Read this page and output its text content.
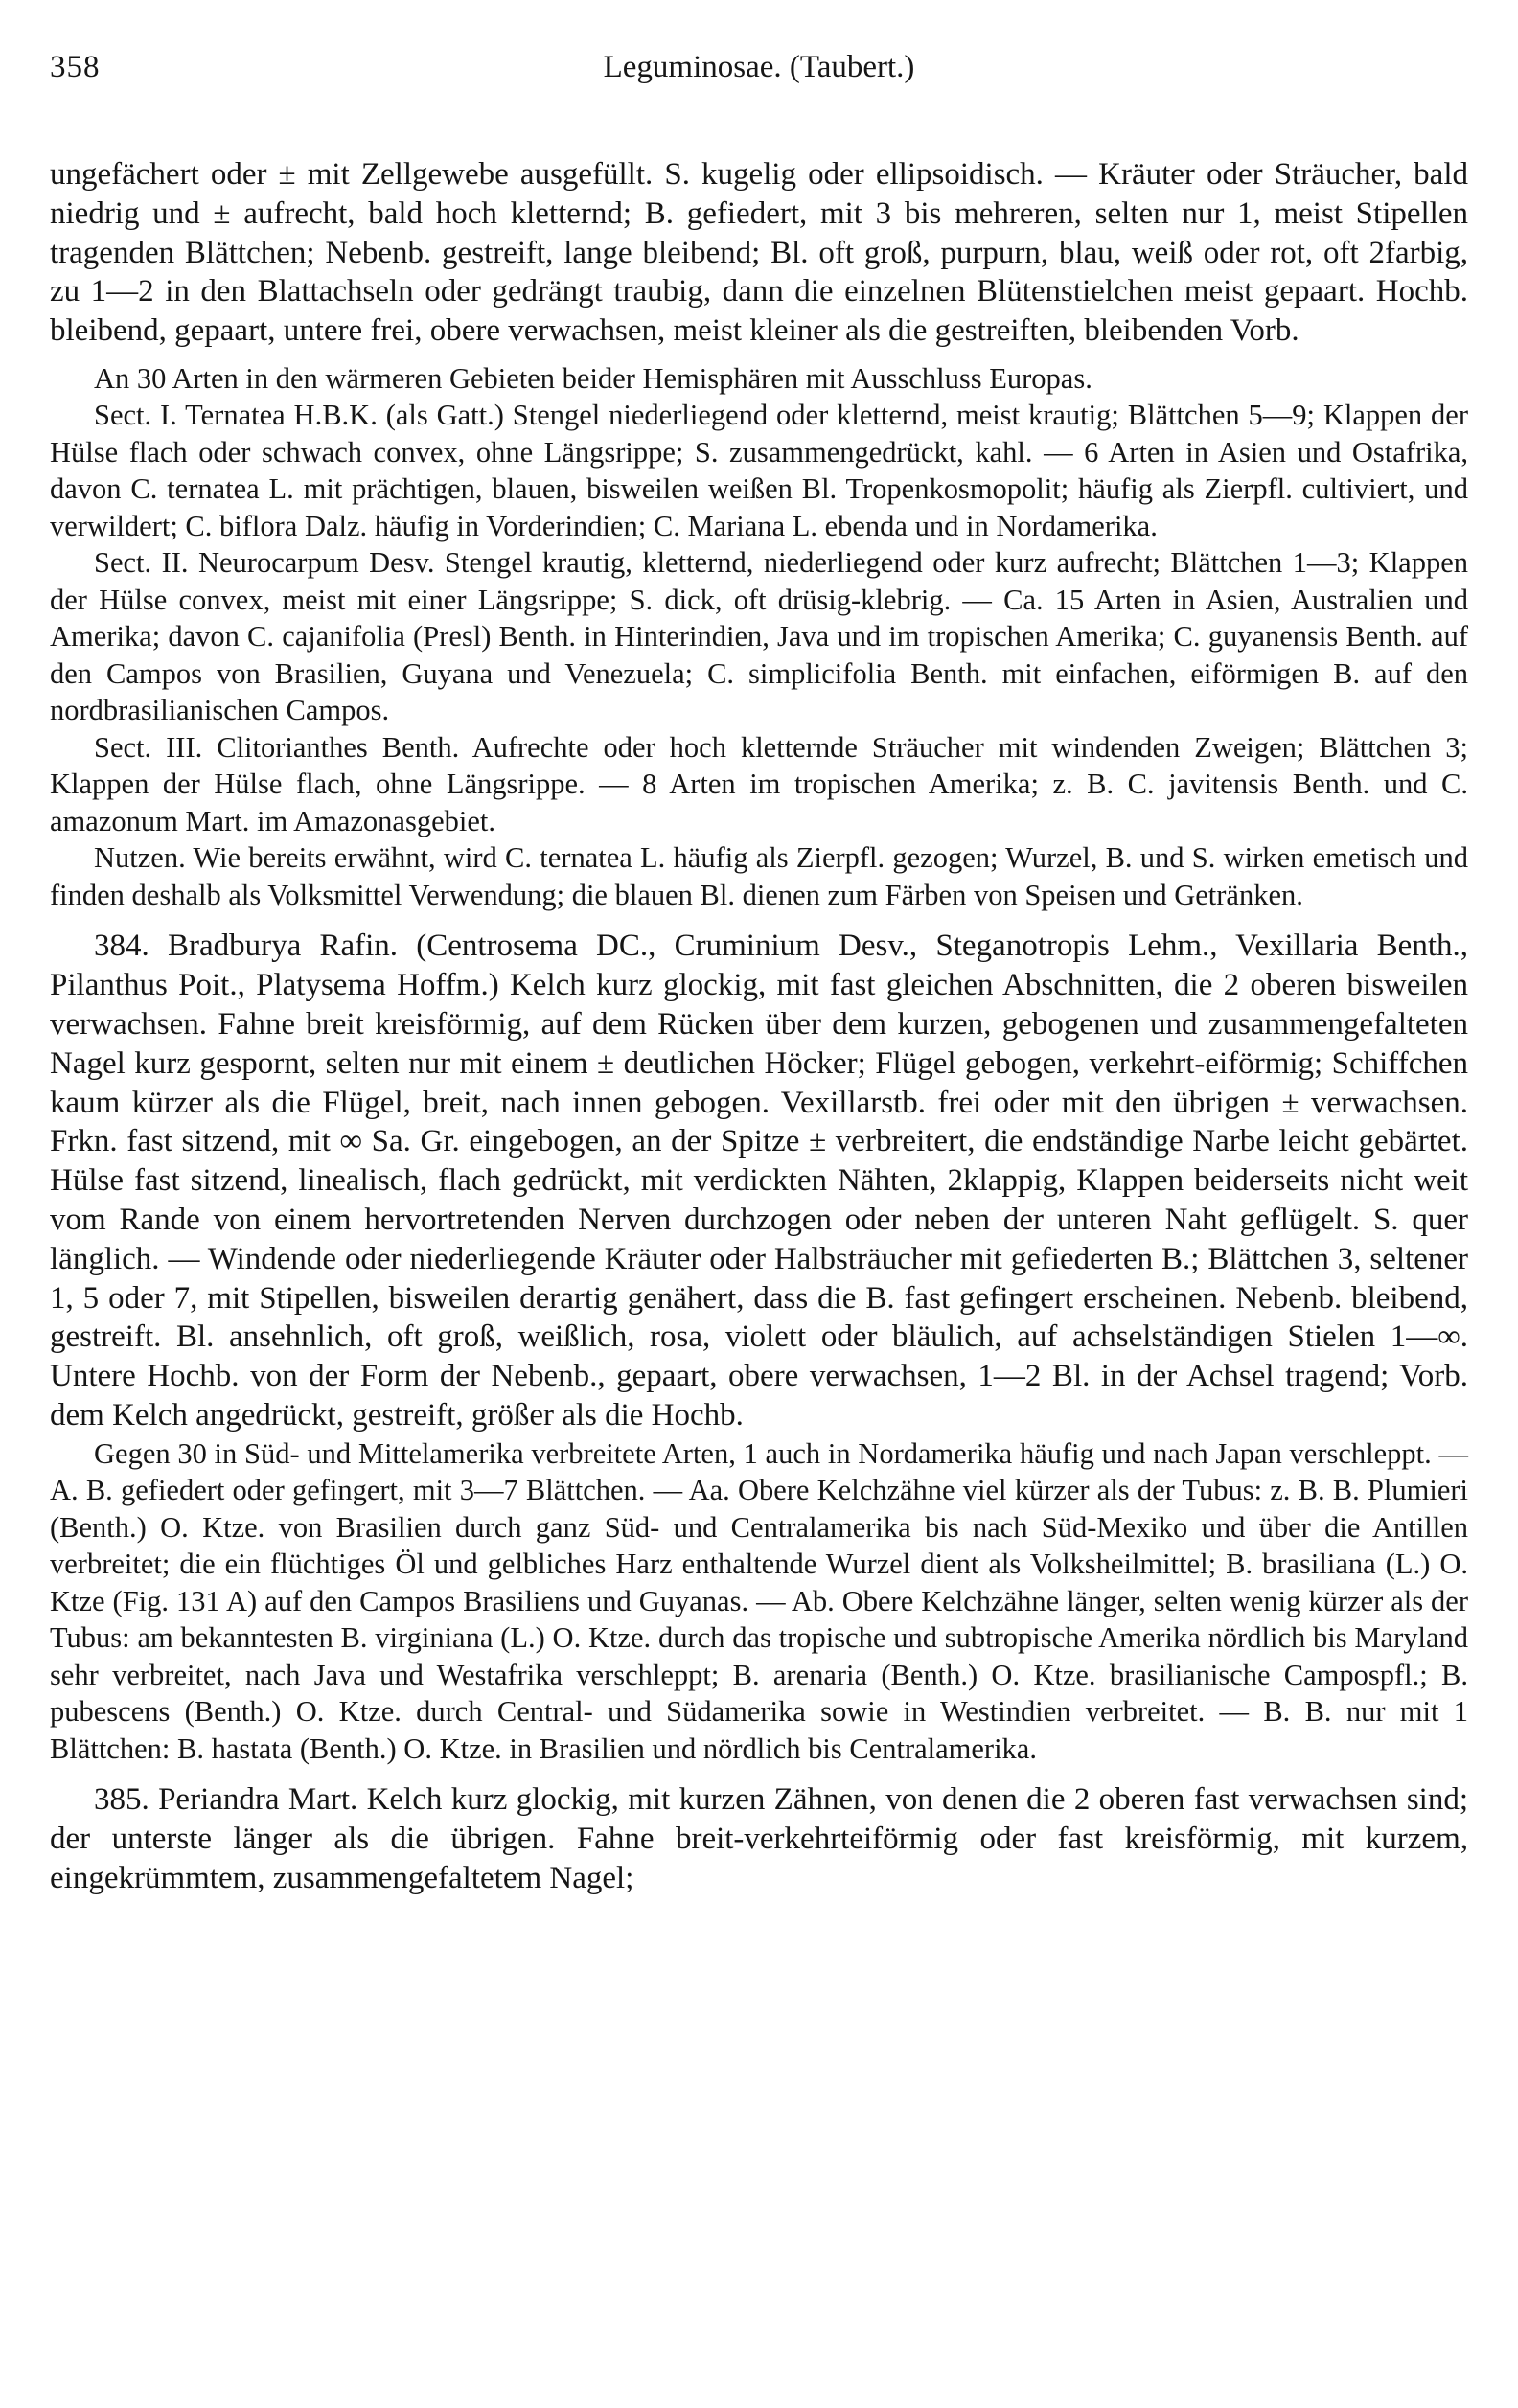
358	Leguminosae. (Taubert.)

ungefächert oder ± mit Zellgewebe ausgefüllt. S. kugelig oder ellipsoidisch. — Kräuter oder Sträucher, bald niedrig und ± aufrecht, bald hoch kletternd; B. gefiedert, mit 3 bis mehreren, selten nur 1, meist Stipellen tragenden Blättchen; Nebenb. gestreift, lange bleibend; Bl. oft groß, purpurn, blau, weiß oder rot, oft 2farbig, zu 1—2 in den Blattachseln oder gedrängt traubig, dann die einzelnen Blütenstielchen meist gepaart. Hochb. bleibend, gepaart, untere frei, obere verwachsen, meist kleiner als die gestreiften, bleibenden Vorb.

An 30 Arten in den wärmeren Gebieten beider Hemisphären mit Ausschluss Europas.

Sect. I. Ternatea H.B.K. (als Gatt.) Stengel niederliegend oder kletternd, meist krautig; Blättchen 5—9; Klappen der Hülse flach oder schwach convex, ohne Längsrippe; S. zusammengedrückt, kahl. — 6 Arten in Asien und Ostafrika, davon C. ternatea L. mit prächtigen, blauen, bisweilen weißen Bl. Tropenkosmopolit; häufig als Zierpfl. cultiviert, und verwildert; C. biflora Dalz. häufig in Vorderindien; C. Mariana L. ebenda und in Nordamerika.

Sect. II. Neurocarpum Desv. Stengel krautig, kletternd, niederliegend oder kurz aufrecht; Blättchen 1—3; Klappen der Hülse convex, meist mit einer Längsrippe; S. dick, oft drüsig-klebrig. — Ca. 15 Arten in Asien, Australien und Amerika; davon C. cajanifolia (Presl) Benth. in Hinterindien, Java und im tropischen Amerika; C. guyanensis Benth. auf den Campos von Brasilien, Guyana und Venezuela; C. simplicifolia Benth. mit einfachen, eiförmigen B. auf den nordbrasilianischen Campos.

Sect. III. Clitorianthes Benth. Aufrechte oder hoch kletternde Sträucher mit windenden Zweigen; Blättchen 3; Klappen der Hülse flach, ohne Längsrippe. — 8 Arten im tropischen Amerika; z. B. C. javitensis Benth. und C. amazonum Mart. im Amazonasgebiet.

Nutzen. Wie bereits erwähnt, wird C. ternatea L. häufig als Zierpfl. gezogen; Wurzel, B. und S. wirken emetisch und finden deshalb als Volksmittel Verwendung; die blauen Bl. dienen zum Färben von Speisen und Getränken.

384. Bradburya Rafin. (Centrosema DC., Cruminium Desv., Steganotropis Lehm., Vexillaria Benth., Pilanthus Poit., Platysema Hoffm.) Kelch kurz glockig, mit fast gleichen Abschnitten, die 2 oberen bisweilen verwachsen. Fahne breit kreisförmig, auf dem Rücken über dem kurzen, gebogenen und zusammengefalteten Nagel kurz gespornt, selten nur mit einem ± deutlichen Höcker; Flügel gebogen, verkehrt-eiförmig; Schiffchen kaum kürzer als die Flügel, breit, nach innen gebogen. Vexillarstb. frei oder mit den übrigen ± verwachsen. Frkn. fast sitzend, mit ∞ Sa. Gr. eingebogen, an der Spitze ± verbreitert, die endständige Narbe leicht gebärtet. Hülse fast sitzend, linealisch, flach gedrückt, mit verdickten Nähten, 2klappig, Klappen beiderseits nicht weit vom Rande von einem hervortretenden Nerven durchzogen oder neben der unteren Naht geflügelt. S. quer länglich. — Windende oder niederliegende Kräuter oder Halbsträucher mit gefiederten B.; Blättchen 3, seltener 1, 5 oder 7, mit Stipellen, bisweilen derartig genähert, dass die B. fast gefingert erscheinen. Nebenb. bleibend, gestreift. Bl. ansehnlich, oft groß, weißlich, rosa, violett oder bläulich, auf achselständigen Stielen 1—∞. Untere Hochb. von der Form der Nebenb., gepaart, obere verwachsen, 1—2 Bl. in der Achsel tragend; Vorb. dem Kelch angedrückt, gestreift, größer als die Hochb.

Gegen 30 in Süd- und Mittelamerika verbreitete Arten, 1 auch in Nordamerika häufig und nach Japan verschleppt. — A. B. gefiedert oder gefingert, mit 3—7 Blättchen. — Aa. Obere Kelchzähne viel kürzer als der Tubus: z. B. B. Plumieri (Benth.) O. Ktze. von Brasilien durch ganz Süd- und Centralamerika bis nach Süd-Mexiko und über die Antillen verbreitet; die ein flüchtiges Öl und gelbliches Harz enthaltende Wurzel dient als Volksheilmittel; B. brasiliana (L.) O. Ktze (Fig. 131 A) auf den Campos Brasiliens und Guyanas. — Ab. Obere Kelchzähne länger, selten wenig kürzer als der Tubus: am bekanntesten B. virginiana (L.) O. Ktze. durch das tropische und subtropische Amerika nördlich bis Maryland sehr verbreitet, nach Java und Westafrika verschleppt; B. arenaria (Benth.) O. Ktze. brasilianische Campospfl.; B. pubescens (Benth.) O. Ktze. durch Central- und Südamerika sowie in Westindien verbreitet. — B. B. nur mit 1 Blättchen: B. hastata (Benth.) O. Ktze. in Brasilien und nördlich bis Centralamerika.

385. Periandra Mart. Kelch kurz glockig, mit kurzen Zähnen, von denen die 2 oberen fast verwachsen sind; der unterste länger als die übrigen. Fahne breit-verkehrteiförmig oder fast kreisförmig, mit kurzem, eingekrümmtem, zusammengefaltetem Nagel;
